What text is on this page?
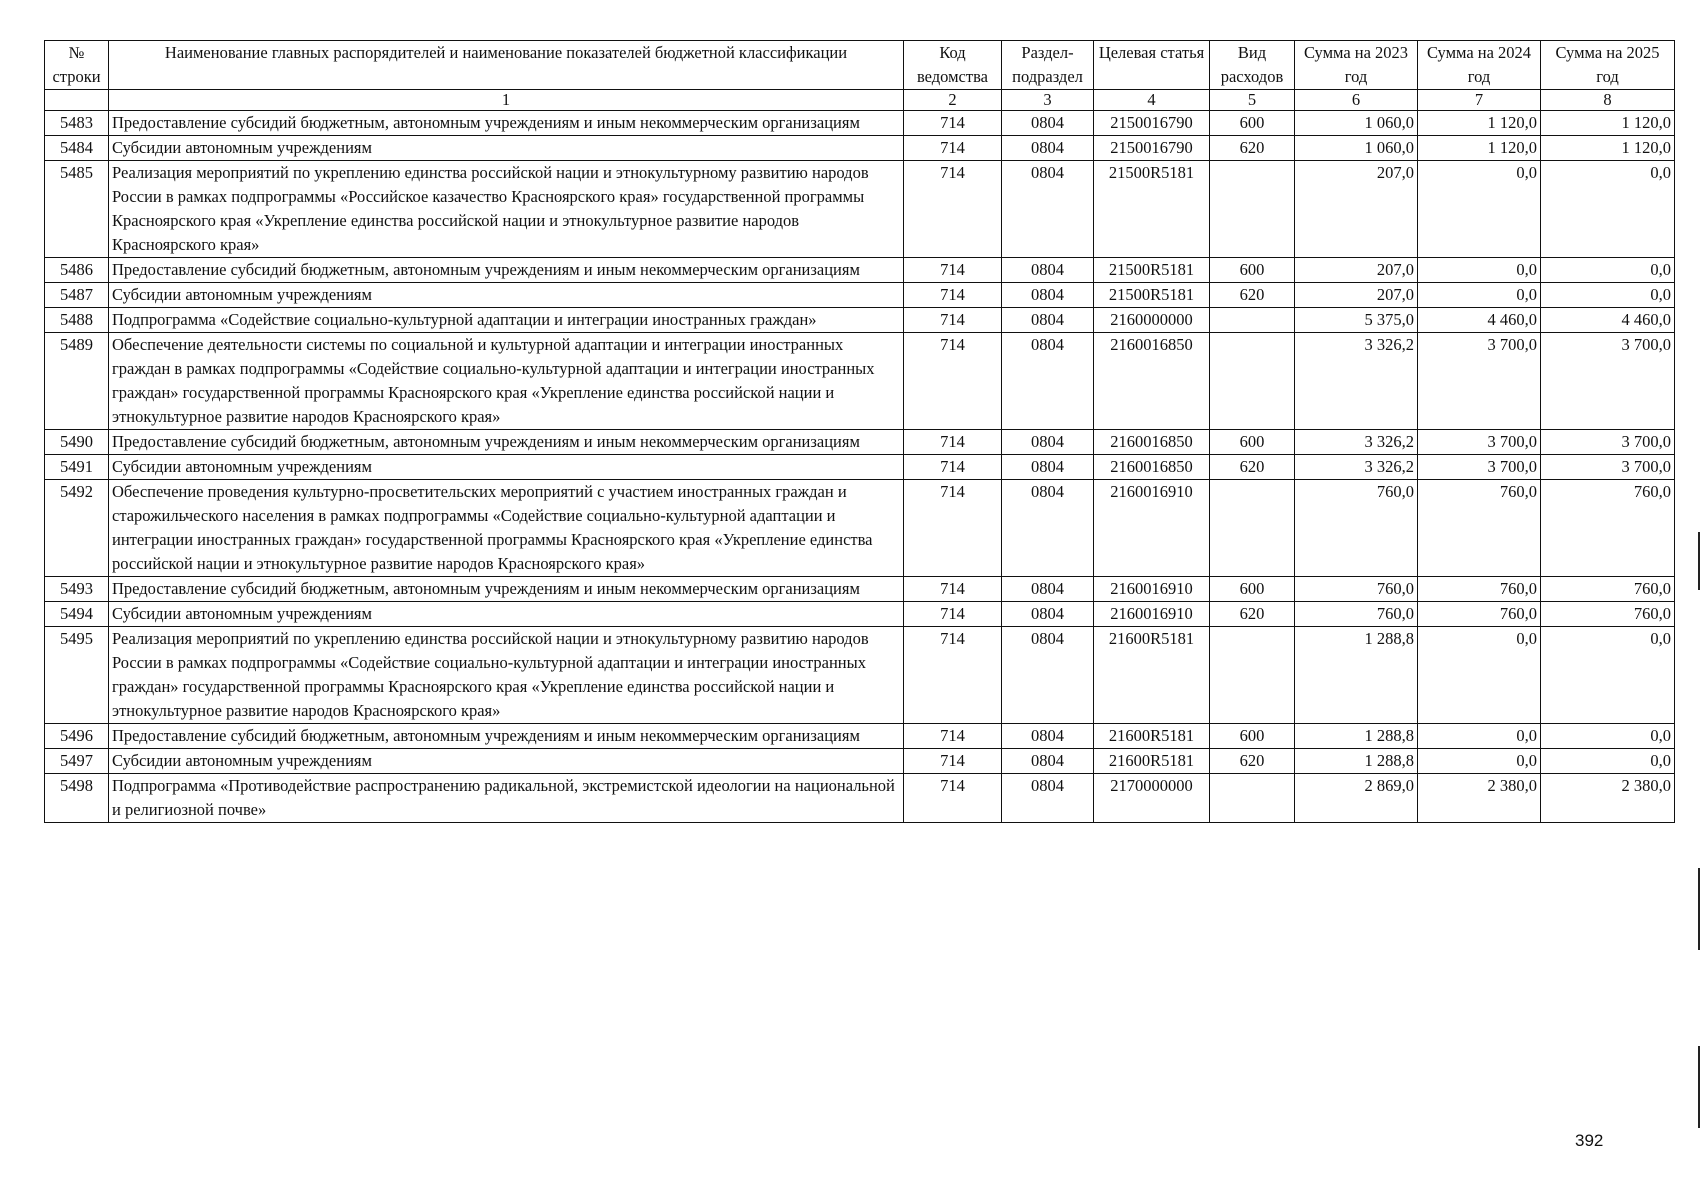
№ строки	Наименование главных распорядителей и наименование показателей бюджетной классификации	Код ведомства	Раздел-подраздел	Целевая статья	Вид расходов	Сумма на 2023 год	Сумма на 2024 год	Сумма на 2025 год
	1	2	3	4	5	6	7	8
5483	Предоставление субсидий бюджетным, автономным учреждениям и иным некоммерческим организациям	714	0804	2150016790	600	1 060,0	1 120,0	1 120,0
5484	Субсидии автономным учреждениям	714	0804	2150016790	620	1 060,0	1 120,0	1 120,0
5485	Реализация мероприятий по укреплению единства российской нации и этнокультурному развитию народов России в рамках подпрограммы «Российское казачество Красноярского края» государственной программы Красноярского края «Укрепление единства российской нации и этнокультурное развитие народов Красноярского края»	714	0804	21500R5181		207,0	0,0	0,0
5486	Предоставление субсидий бюджетным, автономным учреждениям и иным некоммерческим организациям	714	0804	21500R5181	600	207,0	0,0	0,0
5487	Субсидии автономным учреждениям	714	0804	21500R5181	620	207,0	0,0	0,0
5488	Подпрограмма «Содействие социально-культурной адаптации и интеграции иностранных граждан»	714	0804	2160000000		5 375,0	4 460,0	4 460,0
5489	Обеспечение деятельности системы по социальной и культурной адаптации и интеграции иностранных граждан в рамках подпрограммы «Содействие социально-культурной адаптации и интеграции иностранных граждан» государственной программы Красноярского края «Укрепление единства российской нации и этнокультурное развитие народов Красноярского края»	714	0804	2160016850		3 326,2	3 700,0	3 700,0
5490	Предоставление субсидий бюджетным, автономным учреждениям и иным некоммерческим организациям	714	0804	2160016850	600	3 326,2	3 700,0	3 700,0
5491	Субсидии автономным учреждениям	714	0804	2160016850	620	3 326,2	3 700,0	3 700,0
5492	Обеспечение проведения культурно-просветительских мероприятий с участием иностранных граждан и старожильческого населения в рамках подпрограммы «Содействие социально-культурной адаптации и интеграции иностранных граждан» государственной программы Красноярского края «Укрепление единства российской нации и этнокультурное развитие народов Красноярского края»	714	0804	2160016910		760,0	760,0	760,0
5493	Предоставление субсидий бюджетным, автономным учреждениям и иным некоммерческим организациям	714	0804	2160016910	600	760,0	760,0	760,0
5494	Субсидии автономным учреждениям	714	0804	2160016910	620	760,0	760,0	760,0
5495	Реализация мероприятий по укреплению единства российской нации и этнокультурному развитию народов России в рамках подпрограммы «Содействие социально-культурной адаптации и интеграции иностранных граждан» государственной программы Красноярского края «Укрепление единства российской нации и этнокультурное развитие народов Красноярского края»	714	0804	21600R5181		1 288,8	0,0	0,0
5496	Предоставление субсидий бюджетным, автономным учреждениям и иным некоммерческим организациям	714	0804	21600R5181	600	1 288,8	0,0	0,0
5497	Субсидии автономным учреждениям	714	0804	21600R5181	620	1 288,8	0,0	0,0
5498	Подпрограмма «Противодействие распространению радикальной, экстремистской идеологии на национальной и религиозной почве»	714	0804	2170000000		2 869,0	2 380,0	2 380,0
392
